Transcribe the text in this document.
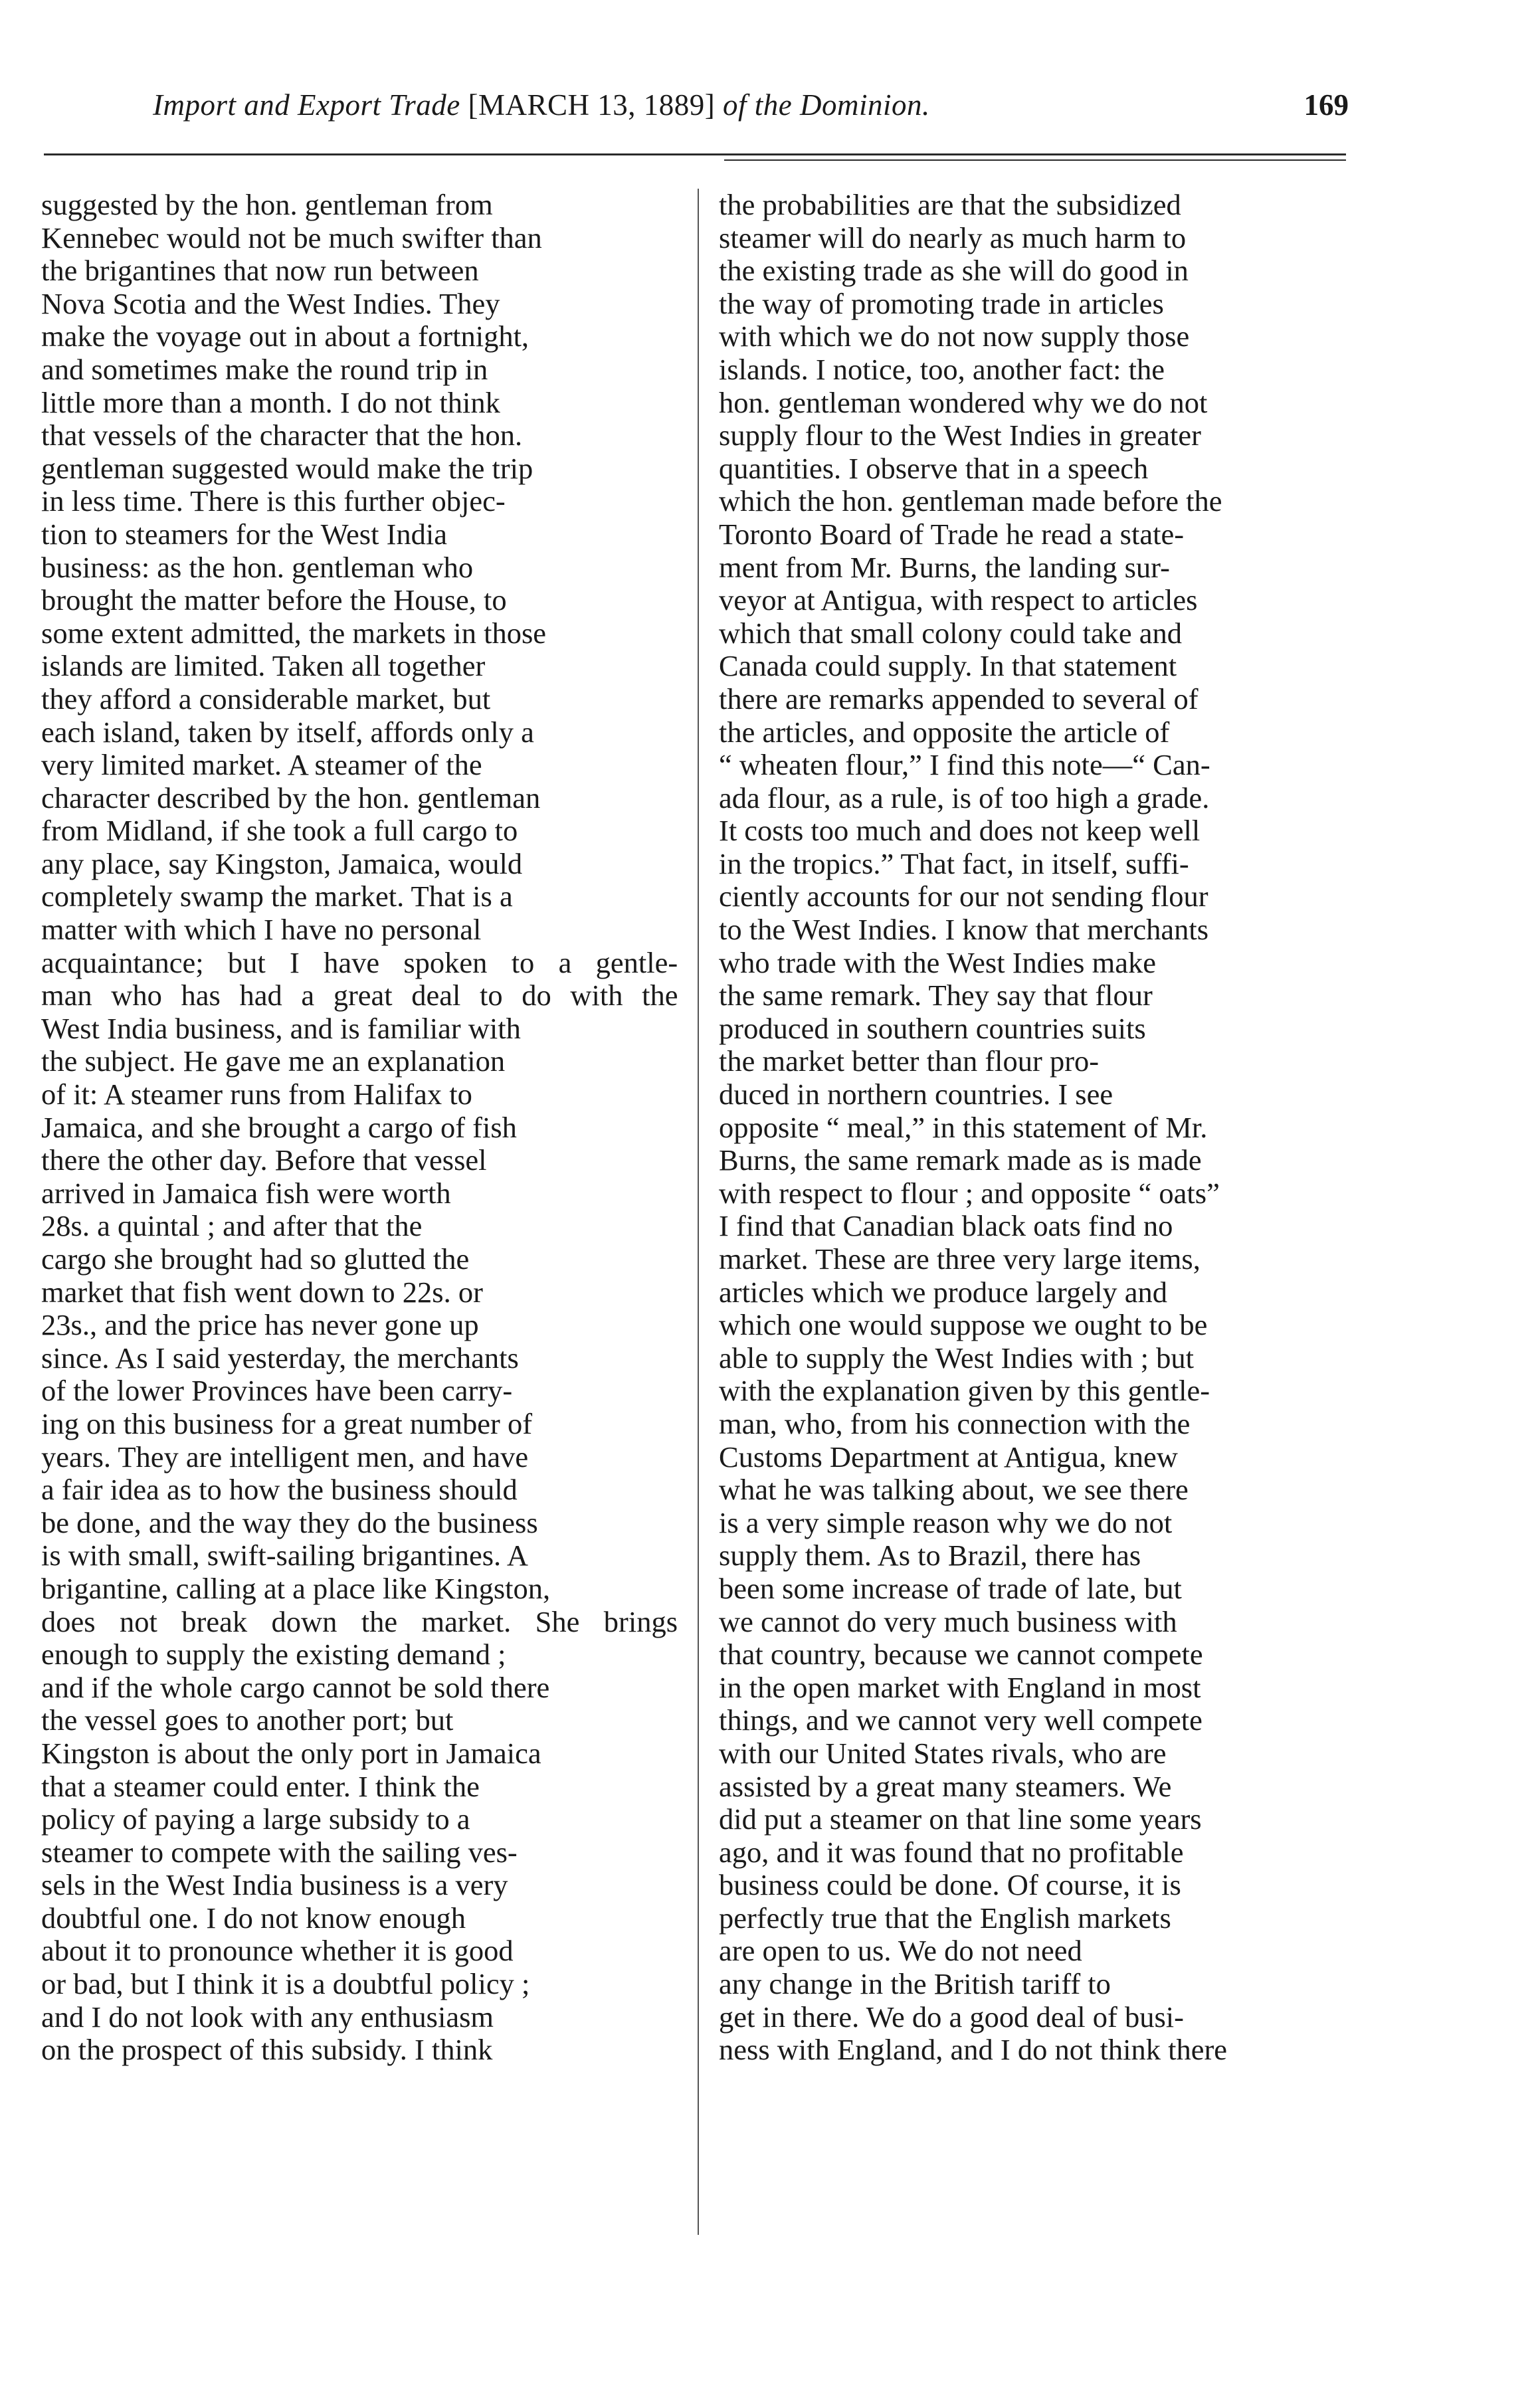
Import and Export Trade [MARCH 13, 1889] of the Dominion.	169
suggested by the hon. gentleman from
Kennebec would not be much swifter than
the brigantines that now run between
Nova Scotia and the West Indies. They
make the voyage out in about a fortnight,
and sometimes make the round trip in
little more than a month. I do not think
that vessels of the character that the hon.
gentleman suggested would make the trip
in less time. There is this further objec-
tion to steamers for the West India
business: as the hon. gentleman who
brought the matter before the House, to
some extent admitted, the markets in those
islands are limited. Taken all together
they afford a considerable market, but
each island, taken by itself, affords only a
very limited market. A steamer of the
character described by the hon. gentleman
from Midland, if she took a full cargo to
any place, say Kingston, Jamaica, would
completely swamp the market. That is a
matter with which I have no personal
acquaintance; but I have spoken to a gentle-
man who has had a great deal to do with the
West India business, and is familiar with
the subject. He gave me an explanation
of it: A steamer runs from Halifax to
Jamaica, and she brought a cargo of fish
there the other day. Before that vessel
arrived in Jamaica fish were worth
28s. a quintal ; and after that the
cargo she brought had so glutted the
market that fish went down to 22s. or
23s., and the price has never gone up
since. As I said yesterday, the merchants
of the lower Provinces have been carry-
ing on this business for a great number of
years. They are intelligent men, and have
a fair idea as to how the business should
be done, and the way they do the business
is with small, swift-sailing brigantines. A
brigantine, calling at a place like Kingston,
does not break down the market. She brings
enough to supply the existing demand ;
and if the whole cargo cannot be sold there
the vessel goes to another port; but
Kingston is about the only port in Jamaica
that a steamer could enter. I think the
policy of paying a large subsidy to a
steamer to compete with the sailing ves-
sels in the West India business is a very
doubtful one. I do not know enough
about it to pronounce whether it is good
or bad, but I think it is a doubtful policy ;
and I do not look with any enthusiasm
on the prospect of this subsidy. I think
the probabilities are that the subsidized
steamer will do nearly as much harm to
the existing trade as she will do good in
the way of promoting trade in articles
with which we do not now supply those
islands. I notice, too, another fact: the
hon. gentleman wondered why we do not
supply flour to the West Indies in greater
quantities. I observe that in a speech
which the hon. gentleman made before the
Toronto Board of Trade he read a state-
ment from Mr. Burns, the landing sur-
veyor at Antigua, with respect to articles
which that small colony could take and
Canada could supply. In that statement
there are remarks appended to several of
the articles, and opposite the article of
“ wheaten flour,” I find this note—“ Can-
ada flour, as a rule, is of too high a grade.
It costs too much and does not keep well
in the tropics.” That fact, in itself, suffi-
ciently accounts for our not sending flour
to the West Indies. I know that merchants
who trade with the West Indies make
the same remark. They say that flour
produced in southern countries suits
the market better than flour pro-
duced in northern countries. I see
opposite “ meal,” in this statement of Mr.
Burns, the same remark made as is made
with respect to flour ; and opposite “ oats”
I find that Canadian black oats find no
market. These are three very large items,
articles which we produce largely and
which one would suppose we ought to be
able to supply the West Indies with ; but
with the explanation given by this gentle-
man, who, from his connection with the
Customs Department at Antigua, knew
what he was talking about, we see there
is a very simple reason why we do not
supply them. As to Brazil, there has
been some increase of trade of late, but
we cannot do very much business with
that country, because we cannot compete
in the open market with England in most
things, and we cannot very well compete
with our United States rivals, who are
assisted by a great many steamers. We
did put a steamer on that line some years
ago, and it was found that no profitable
business could be done. Of course, it is
perfectly true that the English markets
are open to us. We do not need
any change in the British tariff to
get in there. We do a good deal of busi-
ness with England, and I do not think there
